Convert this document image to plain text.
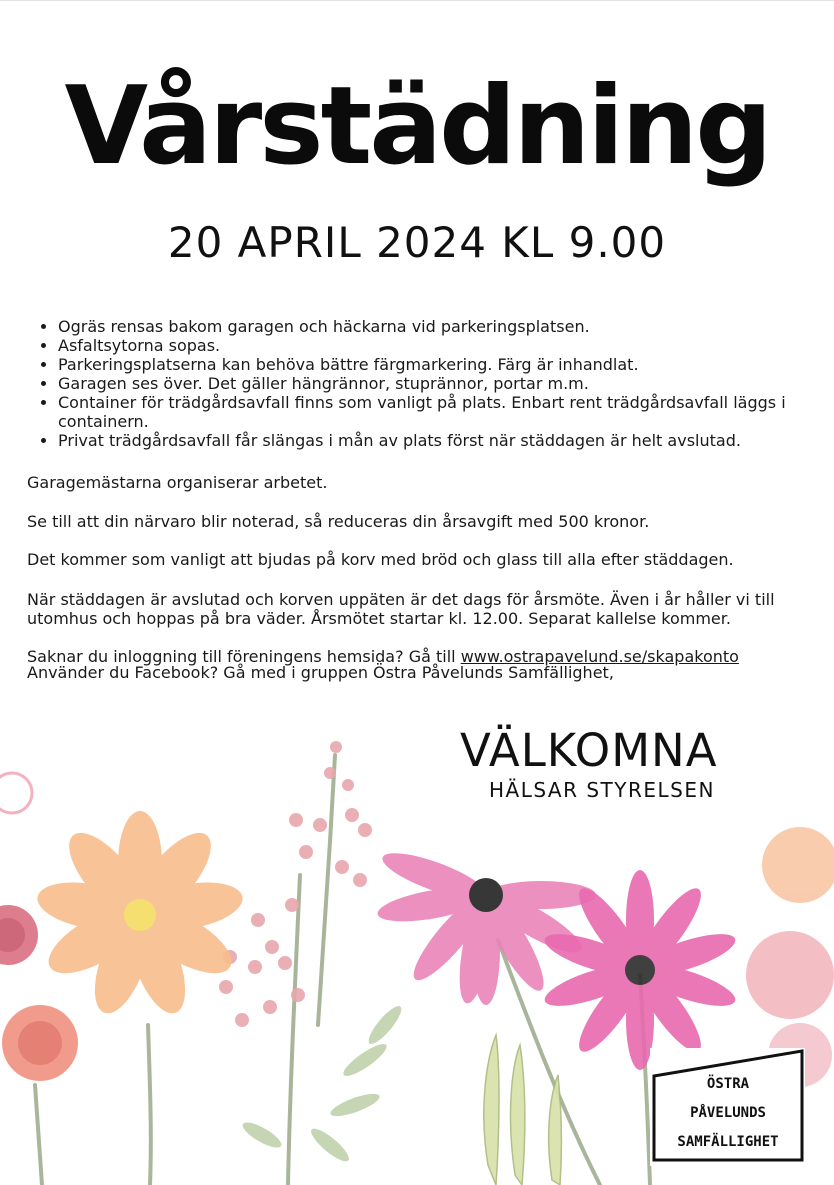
Vårstädning
20 APRIL 2024 KL 9.00
• Ogräs rensas bakom garagen och häckarna vid parkeringsplatsen.
• Asfaltsytorna sopas.
• Parkeringsplatserna kan behöva bättre färgmarkering. Färg är inhandlat.
• Garagen ses över. Det gäller hängrännor, stuprännor, portar m.m.
• Container för trädgårdsavfall finns som vanligt på plats. Enbart rent trädgårdsavfall läggs i containern.
• Privat trädgårdsavfall får slängas i mån av plats först när städdagen är helt avslutad.

Garagemästarna organiserar arbetet.

Se till att din närvaro blir noterad, så reduceras din årsavgift med 500 kronor.

Det kommer som vanligt att bjudas på korv med bröd och glass till alla efter städdagen.

När städdagen är avslutad och korven uppäten är det dags för årsmöte. Även i år håller vi till utomhus och hoppas på bra väder. Årsmötet startar kl. 12.00. Separat kallelse kommer.

Saknar du inloggning till föreningens hemsida? Gå till www.ostrapavelund.se/skapakonto

Använder du Facebook? Gå med i gruppen Östra Påvelunds Samfällighet,

VÄLKOMNA
HÄLSAR STYRELSEN
ÖSTRA
PÅVELUNDS
SAMFÄLLIGHET
